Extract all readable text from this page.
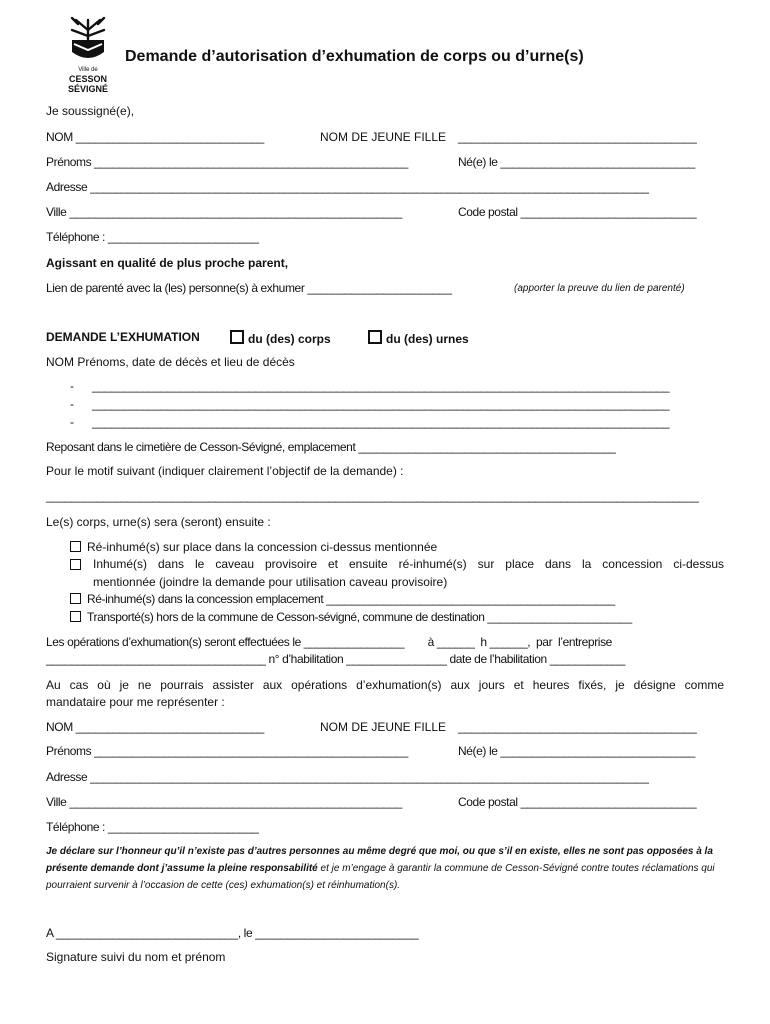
Ville de
CESSON
SÉVIGNÉ
Demande d’autorisation d’exhumation de corps ou d’urne(s)
Je soussigné(e),
NOM ______________________________	NOM DE JEUNE FILLE ______________________________________
Prénoms __________________________________________________	Né(e) le _______________________________
Adresse _________________________________________________________________________________________
Ville _____________________________________________________	Code postal ____________________________
Téléphone : ________________________
Agissant en qualité de plus proche parent,
Lien de parenté avec la (les) personne(s) à exhumer _______________________	(apporter la preuve du lien de parenté)
DEMANDE L’EXHUMATION	du (des) corps	du (des) urnes
NOM Prénoms, date de décès et lieu de décès
- ____________________________________________________________________________________________
- ____________________________________________________________________________________________
- ____________________________________________________________________________________________
Reposant dans le cimetière de Cesson-Sévigné, emplacement _________________________________________
Pour le motif suivant (indiquer clairement l’objectif de la demande) :
________________________________________________________________________________________________________
Le(s) corps, urne(s) sera (seront) ensuite :
Ré-inhumé(s) sur place dans la concession ci-dessus mentionnée
Inhumé(s) dans le caveau provisoire et ensuite ré-inhumé(s) sur place dans la concession ci-dessus
mentionnée (joindre la demande pour utilisation caveau provisoire)
Ré-inhumé(s) dans la concession emplacement ______________________________________________
Transporté(s) hors de la commune de Cesson-sévigné, commune de destination _______________________
Les opérations d’exhumation(s) seront effectuées le ________________        à ______  h ______,  par  l’entreprise
___________________________________ n° d’habilitation ________________ date de l’habilitation ____________
Au cas où je ne pourrais assister aux opérations d’exhumation(s) aux jours et heures fixés, je désigne comme
mandataire pour me représenter :
NOM ______________________________	NOM DE JEUNE FILLE ______________________________________
Prénoms __________________________________________________	Né(e) le _______________________________
Adresse _________________________________________________________________________________________
Ville _____________________________________________________	Code postal ____________________________
Téléphone : ________________________
Je déclare sur l’honneur qu’il n’existe pas d’autres personnes au même degré que moi, ou que s’il en existe, elles ne sont pas opposées à la présente demande dont j’assume la pleine responsabilité et je m’engage à garantir la commune de Cesson-Sévigné contre toutes réclamations qui pourraient survenir à l’occasion de cette (ces) exhumation(s) et réinhumation(s).
A _____________________________, le __________________________
Signature suivi du nom et prénom
